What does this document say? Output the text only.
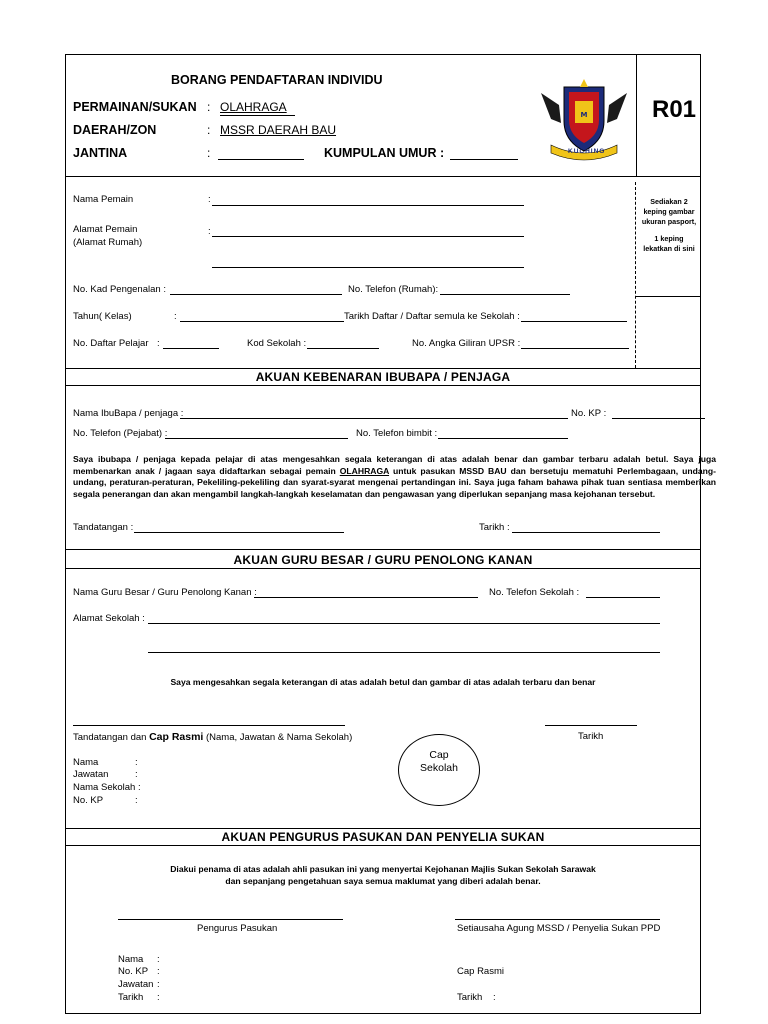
BORANG PENDAFTARAN INDIVIDU
PERMAINAN/SUKAN : OLAHRAGA
DAERAH/ZON	: MSSR DAERAH BAU
JANTINA	:	KUMPULAN UMUR :
M
KUCHING
R01
Sediakan 2 keping gambar ukuran pasport,
1 keping lekatkan di sini
Nama Pemain	:
Alamat Pemain
(Alamat Rumah)
:
No. Kad Pengenalan :	No. Telefon (Rumah):
Tahun( Kelas)	:	Tarikh Daftar / Daftar semula ke Sekolah :
No. Daftar Pelajar :	Kod Sekolah :	No. Angka Giliran UPSR :
AKUAN KEBENARAN IBUBAPA / PENJAGA
Nama IbuBapa / penjaga :	No. KP :
No. Telefon (Pejabat) :	No. Telefon bimbit :
Saya ibubapa / penjaga kepada pelajar di atas mengesahkan segala keterangan di atas adalah benar dan gambar terbaru adalah betul. Saya juga membenarkan anak / jagaan saya didaftarkan sebagai pemain OLAHRAGA untuk pasukan MSSD BAU dan bersetuju mematuhi Perlembagaan, undang-undang, peraturan-peraturan, Pekeliling-pekeliling dan syarat-syarat mengenai pertandingan ini. Saya juga faham bahawa pihak tuan sentiasa memberikan segala penerangan dan akan mengambil langkah-langkah keselamatan dan pengawasan yang diperlukan sepanjang masa kejohanan tersebut.
Tandatangan :	Tarikh :
AKUAN GURU BESAR / GURU PENOLONG KANAN
Nama Guru Besar / Guru Penolong Kanan :	No. Telefon Sekolah :
Alamat Sekolah :
Saya mengesahkan segala keterangan di atas adalah betul dan gambar di atas adalah terbaru dan benar
Tandatangan dan Cap Rasmi (Nama, Jawatan & Nama Sekolah)	Tarikh
Nama	:
Jawatan	:
Nama Sekolah :
No. KP	:
Cap
Sekolah
AKUAN PENGURUS PASUKAN DAN PENYELIA SUKAN
Diakui penama di atas adalah ahli pasukan ini yang menyertai Kejohanan Majlis Sukan Sekolah Sarawak
dan sepanjang pengetahuan saya semua maklumat yang diberi adalah benar.
Pengurus Pasukan	Setiausaha Agung MSSD / Penyelia Sukan PPD
Nama :
No. KP :
Jawatan :
Tarikh :
Cap Rasmi
Tarikh :
